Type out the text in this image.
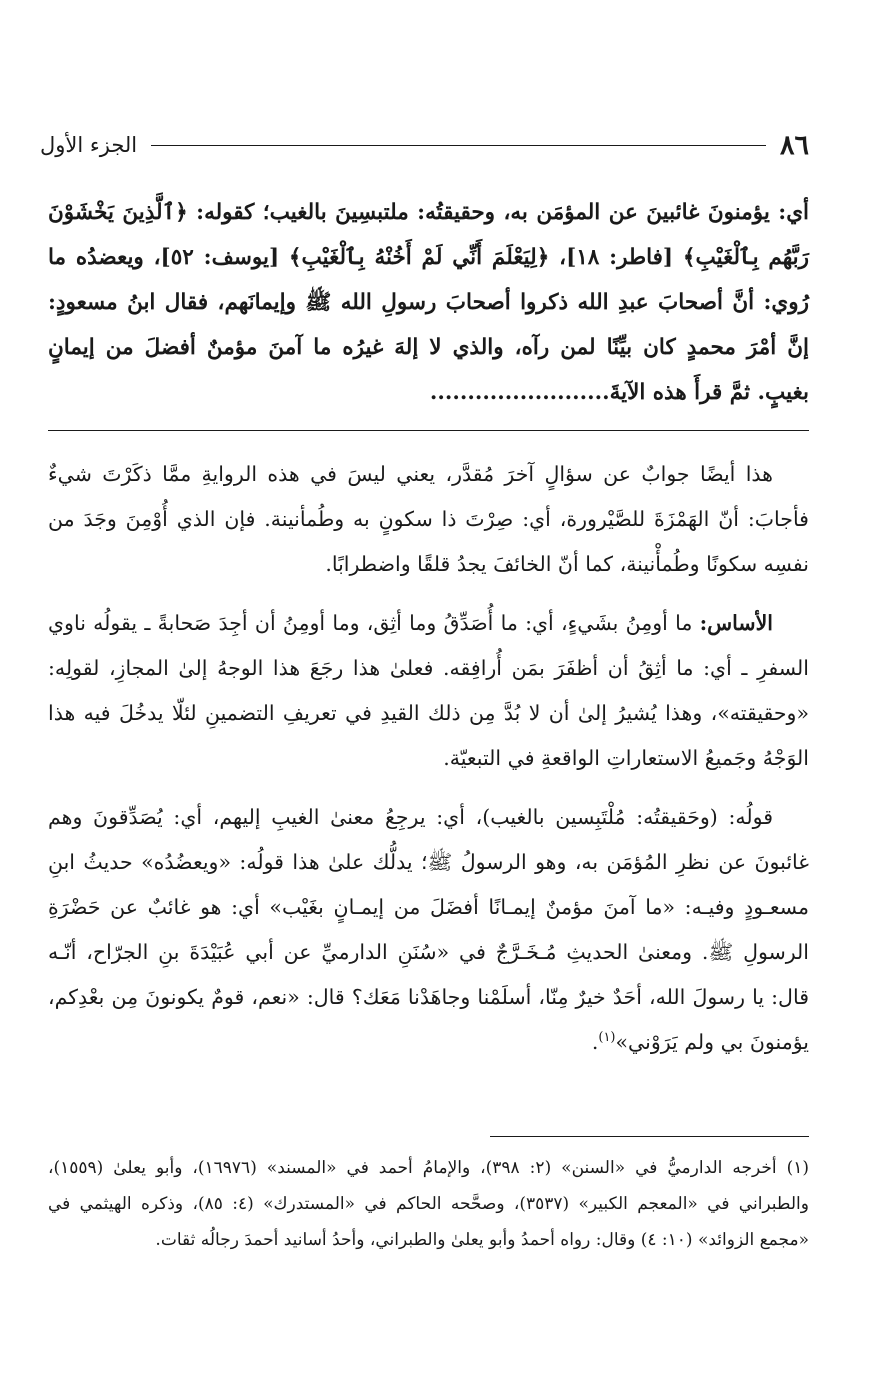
الجزء الأول	٨٦

أي: يؤمنونَ غائبينَ عن المؤمَن به، وحقيقتُه: ملتبسِينَ بالغيب؛ كقوله: ﴿ٱلَّذِينَ يَخْشَوْنَ رَبَّهُم بِٱلْغَيْبِ﴾ [فاطر: ١٨]، ﴿لِيَعْلَمَ أَنِّي لَمْ أَخُنْهُ بِٱلْغَيْبِ﴾ [يوسف: ٥٢]، ويعضدُه ما رُوي: أنَّ أصحابَ عبدِ الله ذكروا أصحابَ رسولِ الله ﷺ وإيمانَهم، فقال ابنُ مسعودٍ: إنَّ أمْرَ محمدٍ كان بيِّنًا لمن رآه، والذي لا إلهَ غيرُه ما آمنَ مؤمنٌ أفضلَ من إيمانٍ بغيبٍ. ثمَّ قرأَ هذه الآيةَ........................

هذا أيضًا جوابٌ عن سؤالٍ آخرَ مُقدَّر، يعني ليسَ في هذه الروايةِ ممَّا ذكَرْتَ شيءٌ فأجابَ: أنّ الهَمْزَةَ للصَّيْرورة، أي: صِرْتَ ذا سكونٍ به وطُمأنينة. فإن الذي أُوْمِنَ وجَدَ من نفسِه سكونًا وطُمأْنينة، كما أنّ الخائفَ يجدُ قلقًا واضطرابًا.

الأساس: ما أومِنُ بشَيءٍ، أي: ما أُصَدِّقُ وما أثِق، وما أومِنُ أن أجِدَ صَحابةً ـ يقولُه ناوي السفرِ ـ أي: ما أثِقُ أن أظفَرَ بمَن أُرافِقه. فعلىٰ هذا رجَعَ هذا الوجهُ إلىٰ المجازِ، لقولِه: «وحقيقته»، وهذا يُشيرُ إلىٰ أن لا بُدَّ مِن ذلك القيدِ في تعريفِ التضمينِ لئلّا يدخُلَ فيه هذا الوَجْهُ وجَميعُ الاستعاراتِ الواقعةِ في التبعيّة.

قولُه: (وحَقيقتُه: مُلْتَبِسين بالغيب)، أي: يرجِعُ معنىٰ الغيبِ إليهم، أي: يُصَدِّقونَ وهم غائبونَ عن نظرِ المُؤمَن به، وهو الرسولُ ﷺ؛ يدلُّك علىٰ هذا قولُه: «ويعضُدُه» حديثُ ابنِ مسعـودٍ وفيـه: «ما آمنَ مؤمنٌ إيمـانًا أفضَلَ من إيمـانٍ بغَيْب» أي: هو غائبٌ عن حَضْرَةِ الرسولِ ﷺ. ومعنىٰ الحديثِ مُـخَـرَّجٌ في «سُنَنِ الدارميِّ عن أبي عُبَيْدَةَ بنِ الجرّاح، أنّـه قال: يا رسولَ الله، أحَدٌ خيرٌ مِنّا، أسلَمْنا وجاهَدْنا مَعَك؟ قال: «نعم، قومٌ يكونونَ مِن بعْدِكم، يؤمنونَ بي ولم يَرَوْني»$^{(١)}$.

(١) أخرجه الدارميُّ في «السنن» (٢: ٣٩٨)، والإمامُ أحمد في «المسند» (١٦٩٧٦)، وأبو يعلىٰ (١٥٥٩)، والطبراني في «المعجم الكبير» (٣٥٣٧)، وصحَّحه الحاكم في «المستدرك» (٤: ٨٥)، وذكره الهيثمي في «مجمع الزوائد» (١٠: ٤) وقال: رواه أحمدُ وأبو يعلىٰ والطبراني، وأحدُ أسانيد أحمدَ رجالُه ثقات.
